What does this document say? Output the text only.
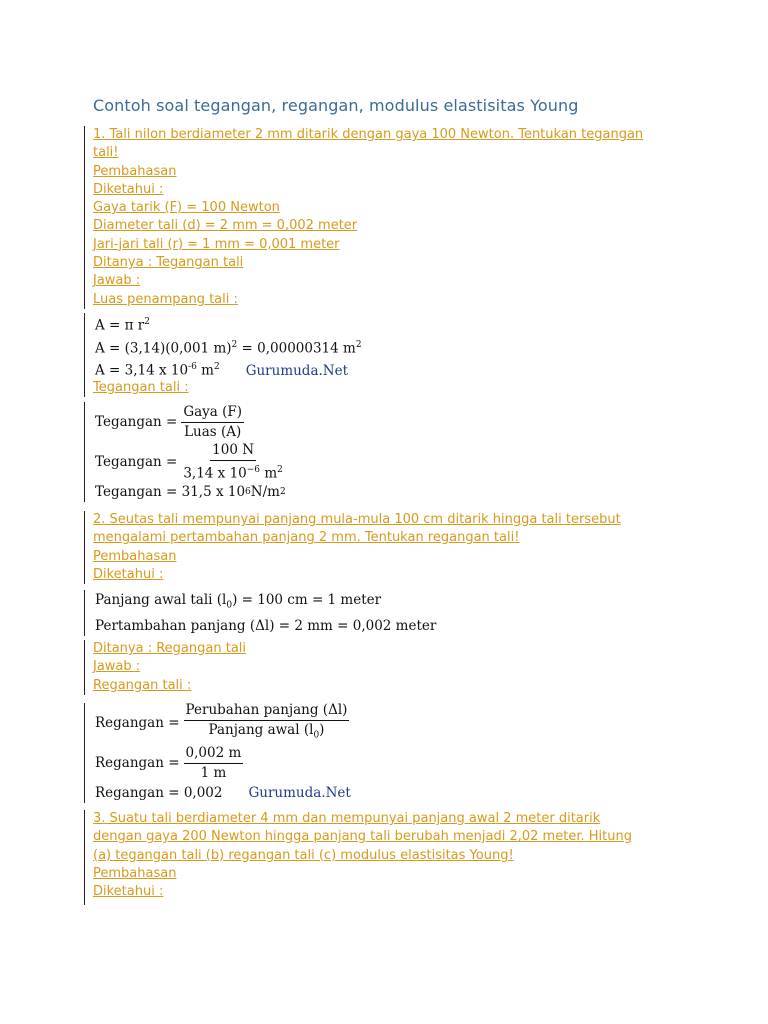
Contoh soal tegangan, regangan, modulus elastisitas Young
1. Tali nilon berdiameter 2 mm ditarik dengan gaya 100 Newton. Tentukan tegangan
tali!
Pembahasan
Diketahui :
Gaya tarik (F) = 100 Newton
Diameter tali (d) = 2 mm = 0,002 meter
Jari-jari tali (r) = 1 mm = 0,001 meter
Ditanya : Tegangan tali
Jawab :
Luas penampang tali :
A = π $r^2$
A = (3,14)(0,001 m)$^2$ = 0,00000314 $m^2$
A = 3,14 x $10^{-6}$ $m^2$ Gurumuda.Net
Tegangan tali :
Tegangan = $\frac{\text{Gaya (F)}}{\text{Luas (A)}}$
Tegangan = $\frac{100 N}{3,14 x 10^{-6} m^2}$
Tegangan = 31,5 x 10 6 N/m 2
2. Seutas tali mempunyai panjang mula-mula 100 cm ditarik hingga tali tersebut
mengalami pertambahan panjang 2 mm. Tentukan regangan tali!
Pembahasan
Diketahui :
Panjang awal tali $(l_0) = 100$ cm = 1 meter
Pertambahan panjang (Δl) = 2 mm = 0,002 meter
Ditanya : Regangan tali
Jawab :
Regangan tali :
Regangan = $\frac{\text{Perubahan panjang (Δl)}}{Panjang awal (l_0)}$
Regangan = $\frac{0,002 m}{1 m}$
Regangan = 0,002 Gurumuda.Net
3. Suatu tali berdiameter 4 mm dan mempunyai panjang awal 2 meter ditarik
dengan gaya 200 Newton hingga panjang tali berubah menjadi 2,02 meter. Hitung
(a) tegangan tali (b) regangan tali (c) modulus elastisitas Young!
Pembahasan
Diketahui :
